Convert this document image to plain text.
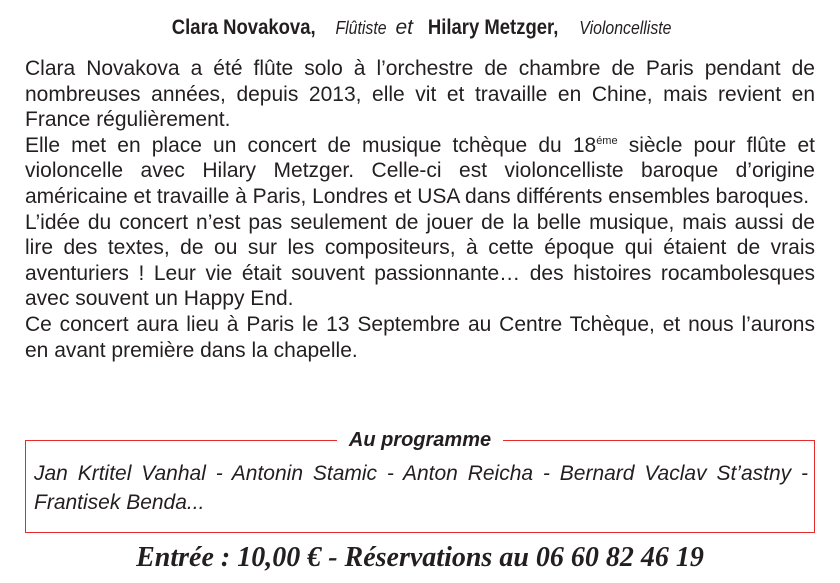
Clara Novakova, Flûtiste et Hilary Metzger, Violoncelliste

Clara Novakova a été flûte solo à l’orchestre de chambre de Paris pendant de nombreuses années, depuis 2013, elle vit et travaille en Chine, mais revient en France régulièrement.

Elle met en place un concert de musique tchèque du $18^{éme}$ siècle pour flûte et violoncelle avec Hilary Metzger. Celle-ci est violoncelliste baroque d’origine américaine et travaille à Paris, Londres et USA dans différents ensembles baroques.

L’idée du concert n’est pas seulement de jouer de la belle musique, mais aussi de lire des textes, de ou sur les compositeurs, à cette époque qui étaient de vrais aventuriers ! Leur vie était souvent passionnante… des histoires rocambolesques avec souvent un Happy End.

Ce concert aura lieu à Paris le 13 Septembre au Centre Tchèque, et nous l’aurons en avant première dans la chapelle.

Au programme
Jan Krtitel Vanhal - Antonin Stamic - Anton Reicha - Bernard Vaclav St’astny - Frantisek Benda...
Entrée : 10,00 € - Réservations au 06 60 82 46 19
